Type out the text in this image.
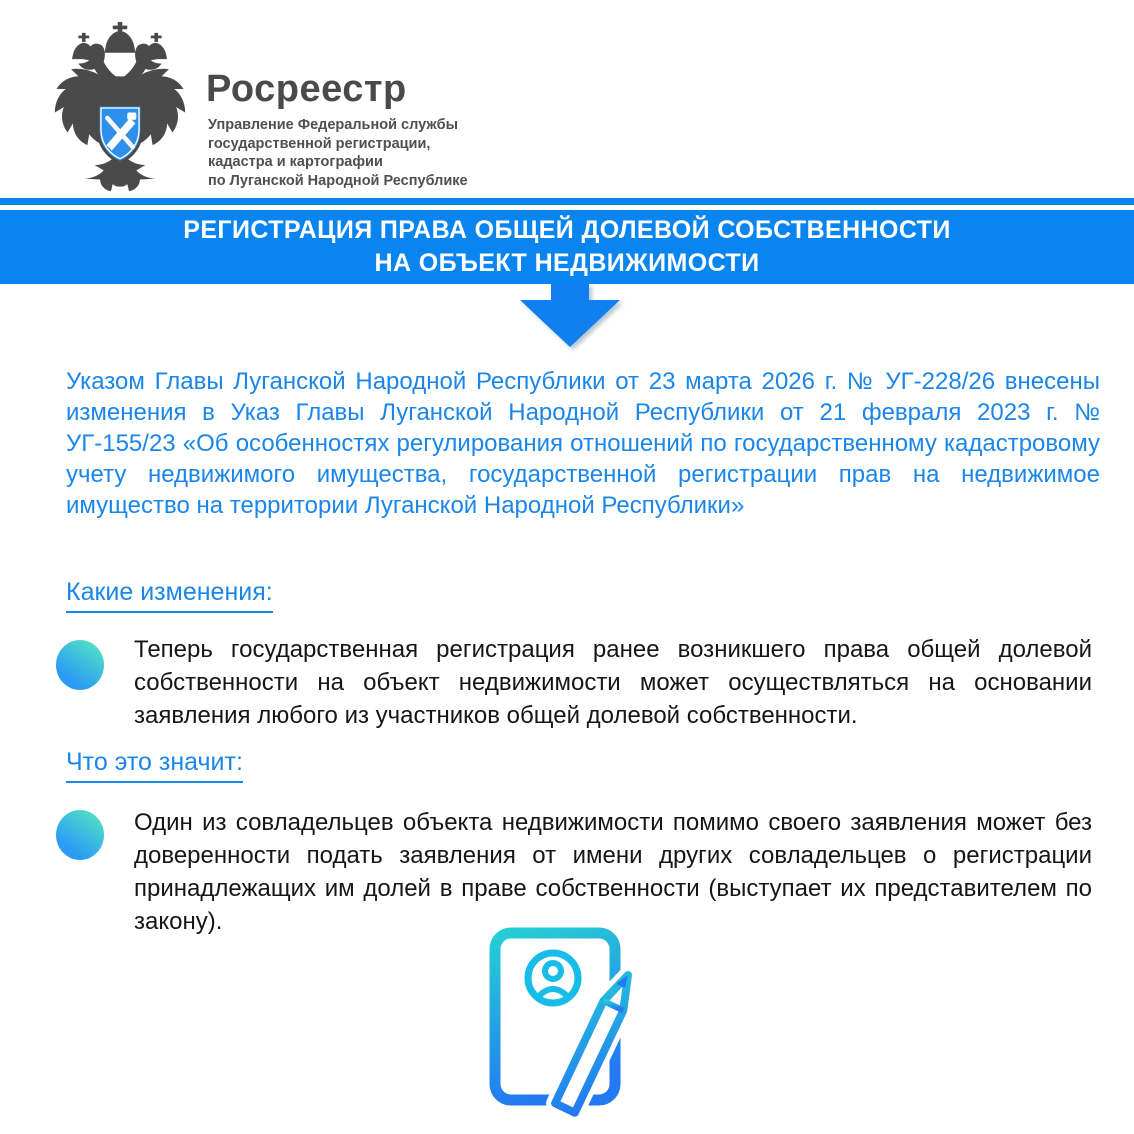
Росреестр
Управление Федеральной службы
государственной регистрации,
кадастра и картографии
по Луганской Народной Республике
РЕГИСТРАЦИЯ ПРАВА ОБЩЕЙ ДОЛЕВОЙ СОБСТВЕННОСТИ
НА ОБЪЕКТ НЕДВИЖИМОСТИ
Указом Главы Луганской Народной Республики от 23 марта 2026 г. № УГ-228/26 внесены изменения в Указ Главы Луганской Народной Республики от 21 февраля 2023 г. № УГ-155/23 «Об особенностях регулирования отношений по государственному кадастровому учету недвижимого имущества, государственной регистрации прав на недвижимое имущество на территории Луганской Народной Республики»
Какие изменения:
Теперь государственная регистрация ранее возникшего права общей долевой собственности на объект недвижимости может осуществляться на основании заявления любого из участников общей долевой собственности.
Что это значит:
Один из совладельцев объекта недвижимости помимо своего заявления может без доверенности подать заявления от имени других совладельцев о регистрации принадлежащих им долей в праве собственности (выступает их представителем по закону).
